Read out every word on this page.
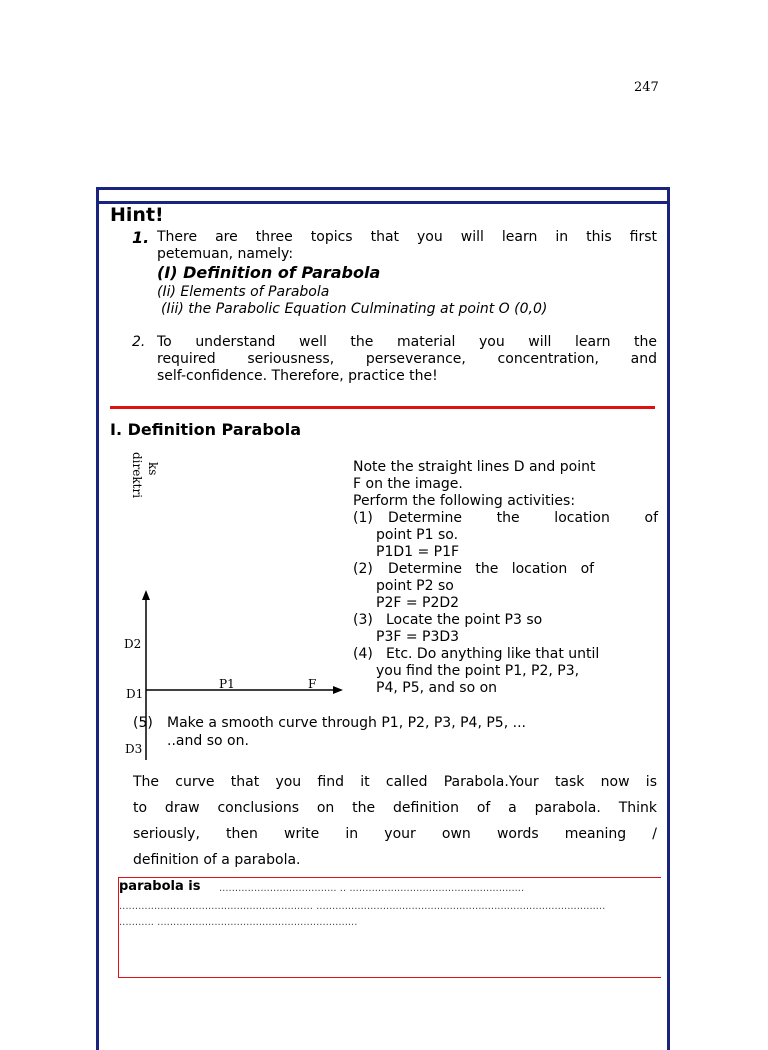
247
Hint!
1. There are three topics that you will learn in this first
petemuan, namely:
(I) Definition of Parabola
(Ii) Elements of Parabola
(Iii) the Parabolic Equation Culminating at point O (0,0)
2. To understand well the material you will learn the
required seriousness, perseverance, concentration, and
self-confidence. Therefore, practice the!
I. Definition Parabola
direktri ks
D2
D1
D3
P1	F
Note the straight lines D and point
F on the image.
Perform the following activities:
(1) Determine   the   location   of
point P1 so.
P1D1 = P1F
(2) Determine   the   location   of
point P2 so
P2F = P2D2
(3) Locate the point P3 so
P3F = P3D3
(4) Etc. Do anything like that until
you find the point P1, P2, P3,
P4, P5, and so on
(5) Make a smooth curve through P1, P2, P3, P4, P5, ...
..and so on.
The curve that you find it called Parabola.Your task now is
to draw conclusions on the definition of a parabola. Think
seriously, then write in your own words meaning /
definition of a parabola.
parabola is ..................................... .. .......................................................
............................................................. ...........................................................................................
........... ...............................................................
